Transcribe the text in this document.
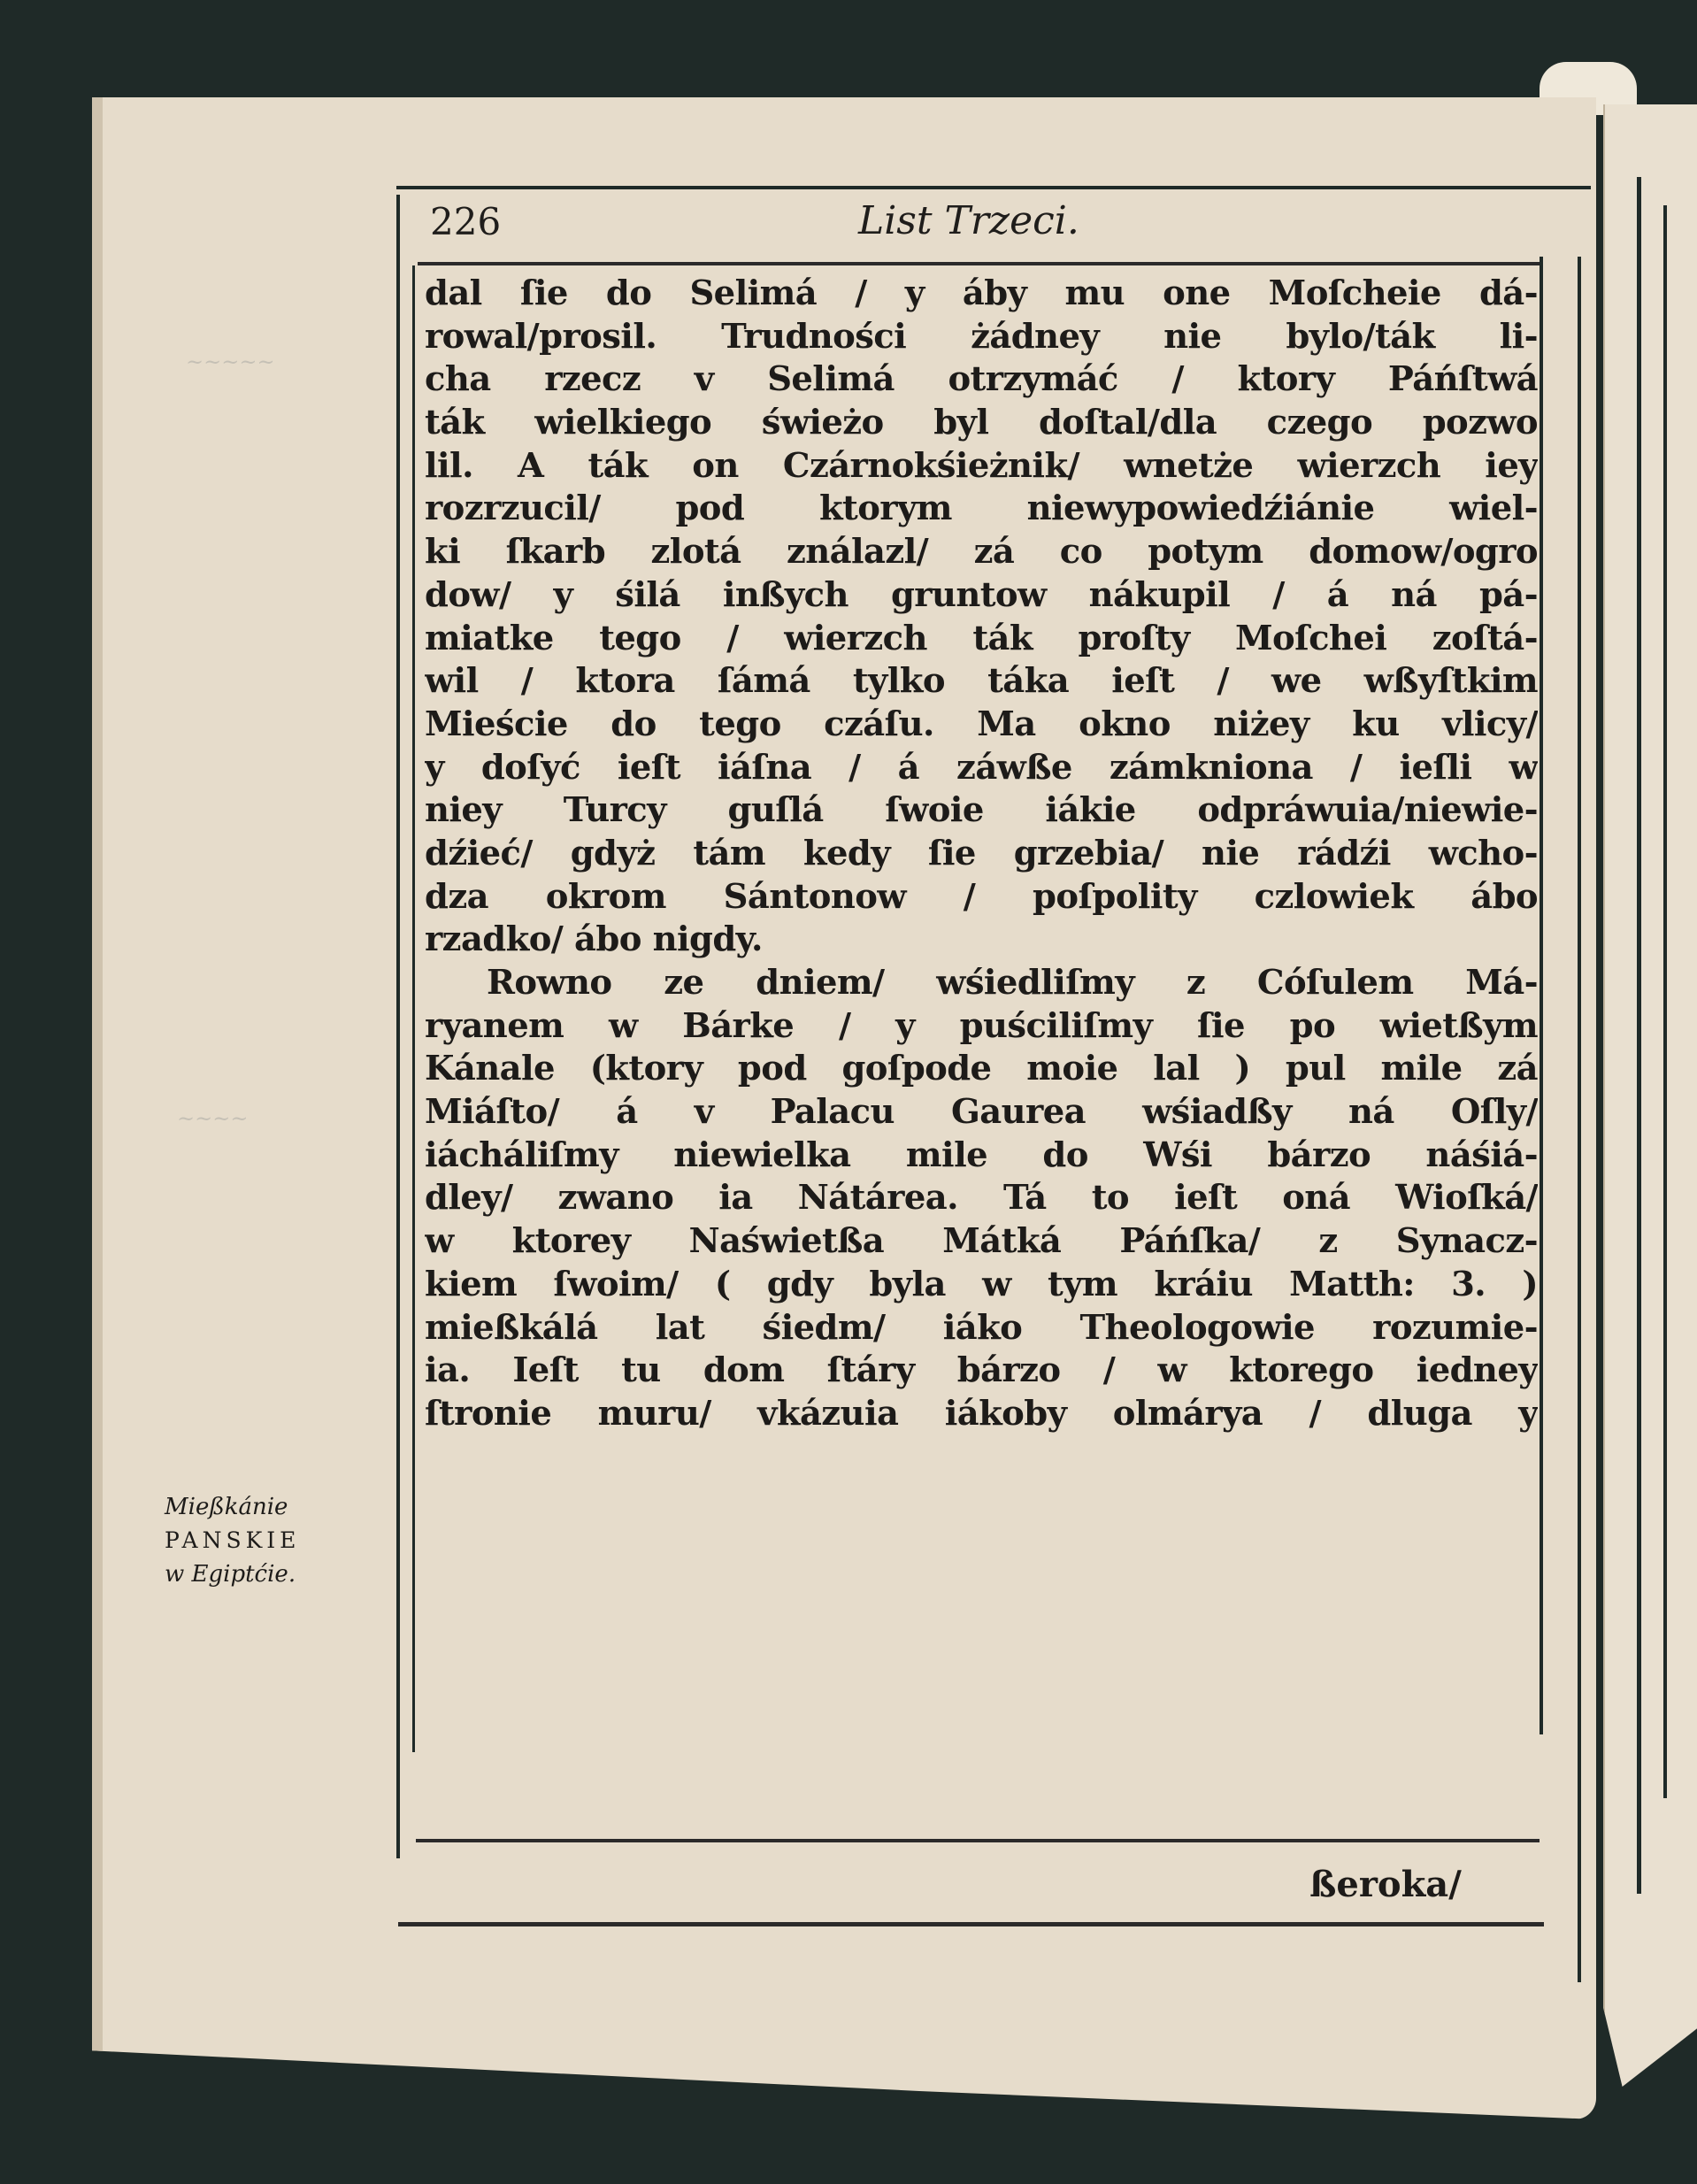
~~~~~
~~~~
226	List Trzeci.
dal ſie do Selimá / y áby mu one Moſcheie dá-
rowal/prosil. Trudności żádney nie bylo/ták li-
cha rzecz v Selimá otrzymáć / ktory Páńſtwá
ták wielkiego świeżo byl doſtal/dla czego pozwo
lil. A ták on Czárnokśieżnik/ wnetże wierzch iey
rozrzucil/ pod ktorym niewypowiedźiánie wiel-
ki ſkarb zlotá ználazl/ zá co potym domow/ogro
dow/ y śilá inßych gruntow nákupil / á ná pá-
miatke tego / wierzch ták proſty Moſchei zoſtá-
wil / ktora ſámá tylko táka ieſt / we wßyſtkim
Mieście do tego czáſu. Ma okno niżey ku vlicy/
y doſyć ieſt iáſna / á záwße zámkniona / ieſli w
niey Turcy guſlá ſwoie iákie odpráwuia/niewie-
dźieć/ gdyż tám kedy ſie grzebia/ nie rádźi wcho-
dza okrom Sántonow / poſpolity czlowiek ábo
rzadko/ ábo nigdy.
Rowno ze dniem/ wśiedliſmy z Cóſulem Má-
ryanem w Bárke / y puściliſmy ſie po wietßym
Kánale (ktory pod goſpode moie lal ) pul mile zá
Miáſto/ á v Palacu Gaurea wśiadßy ná Oſly/
iácháliſmy niewielka mile do Wśi bárzo náśiá-
dley/ zwano ia Nátárea. Tá to ieſt oná Wioſká/
w ktorey Naświetßa Mátká Páńſka/ z Synacz-
kiem ſwoim/ ( gdy byla w tym kráiu Matth: 3. )
mießkálá lat śiedm/ iáko Theologowie rozumie-
ia. Ieſt tu dom ſtáry bárzo / w ktorego iedney
ſtronie muru/ vkázuia iákoby olmárya / dluga y
ßeroka/
Mießkánie
PANSKIE
w Egiptćie.
